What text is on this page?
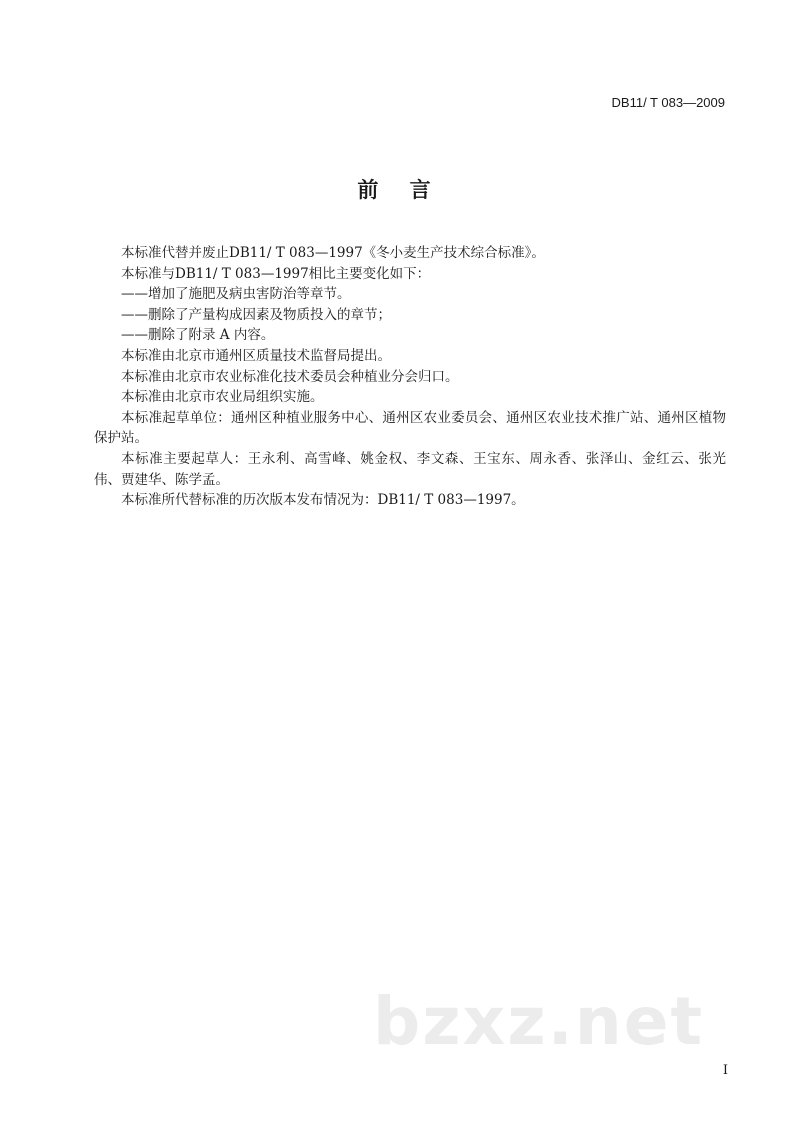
DB11/ T 083—2009
前 言

本标准代替并废止DB11/ T 083—1997《冬小麦生产技术综合标准》。

本标准与DB11/ T 083—1997相比主要变化如下：

——增加了施肥及病虫害防治等章节。

——删除了产量构成因素及物质投入的章节；

——删除了附录 A 内容。

本标准由北京市通州区质量技术监督局提出。

本标准由北京市农业标准化技术委员会种植业分会归口。

本标准由北京市农业局组织实施。

本标准起草单位：通州区种植业服务中心、通州区农业委员会、通州区农业技术推广站、通州区植物保护站。

本标准主要起草人：王永利、高雪峰、姚金权、李文森、王宝东、周永香、张泽山、金红云、张光伟、贾建华、陈学孟。

本标准所代替标准的历次版本发布情况为：DB11/ T 083—1997。

bzxz.net
I
